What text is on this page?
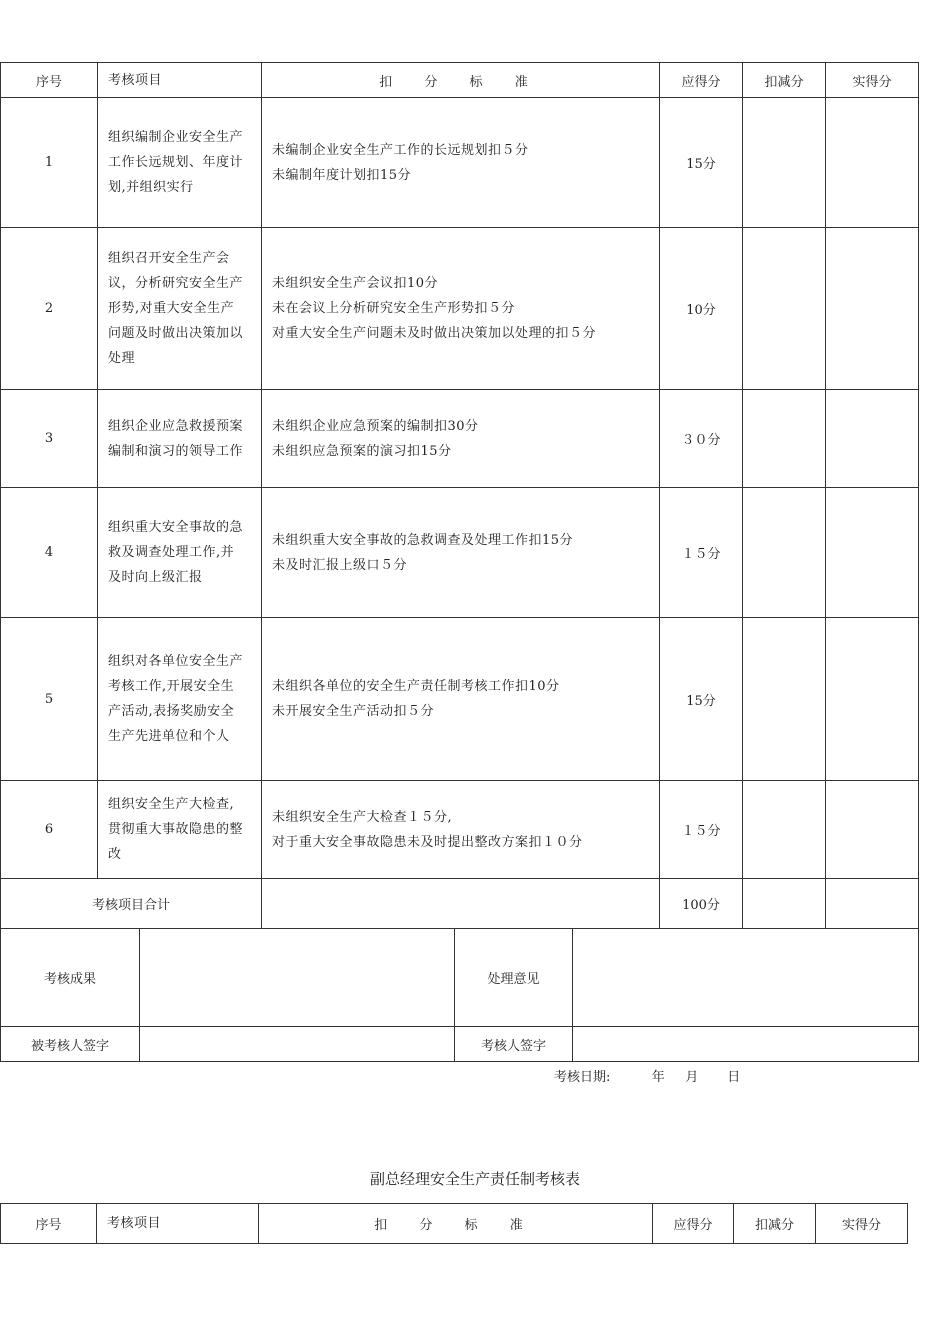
序号	考核项目	扣 分 标 准	应得分	扣减分	实得分
1	组织编制企业安全生产
工作长远规划、年度计
划,并组织实行	未编制企业安全生产工作的长远规划扣５分
未编制年度计划扣15分	15分		
2	组织召开安全生产会
议，分析研究安全生产
形势,对重大安全生产
问题及时做出决策加以
处理	未组织安全生产会议扣10分
未在会议上分析研究安全生产形势扣５分
对重大安全生产问题未及时做出决策加以处理的扣５分	10分		
3	组织企业应急救援预案
编制和演习的领导工作	未组织企业应急预案的编制扣30分
未组织应急预案的演习扣15分	３０分		
4	组织重大安全事故的急
救及调查处理工作,并
及时向上级汇报	未组织重大安全事故的急救调查及处理工作扣15分
未及时汇报上级口５分	１５分		
5	组织对各单位安全生产
考核工作,开展安全生
产活动,表扬奖励安全
生产先进单位和个人	未组织各单位的安全生产责任制考核工作扣10分
未开展安全生产活动扣５分	15分		
6	组织安全生产大检查,
贯彻重大事故隐患的整
改	未组织安全生产大检查１５分,
对于重大安全事故隐患未及时提出整改方案扣１０分	１５分		
考核项目合计			100分		
考核成果		处理意见	
被考核人签字		考核人签字	
考核日期:          年     月       日
副总经理安全生产责任制考核表
序号	考核项目	扣 分 标 准	应得分	扣减分	实得分
